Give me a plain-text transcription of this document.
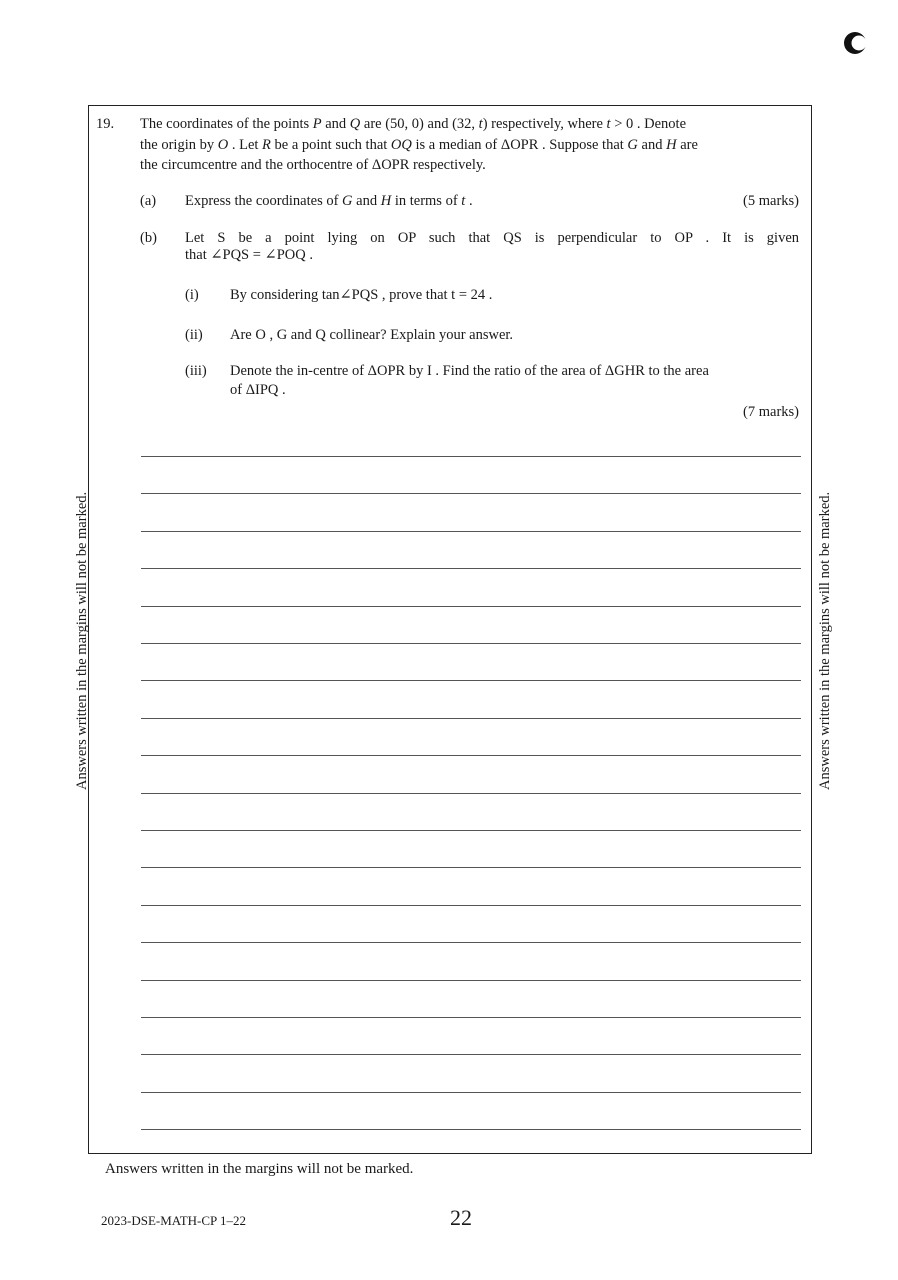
19. The coordinates of the points P and Q are (50, 0) and (32, t) respectively, where t > 0 . Denote
the origin by O . Let R be a point such that OQ is a median of ΔOPR . Suppose that G and H are
the circumcentre and the orthocentre of ΔOPR respectively.
(a) Express the coordinates of G and H in terms of t .	(5 marks)
(b) Let S be a point lying on OP such that QS is perpendicular to OP . It is given
that ∠PQS = ∠POQ .
(i) By considering tan∠PQS , prove that t = 24 .
(ii) Are O , G and Q collinear? Explain your answer.
(iii) Denote the in-centre of ΔOPR by I . Find the ratio of the area of ΔGHR to the area
of ΔIPQ .
(7 marks)
Answers written in the margins will not be marked.	Answers written in the margins will not be marked.
Answers written in the margins will not be marked.
2023-DSE-MATH-CP 1–22	22
